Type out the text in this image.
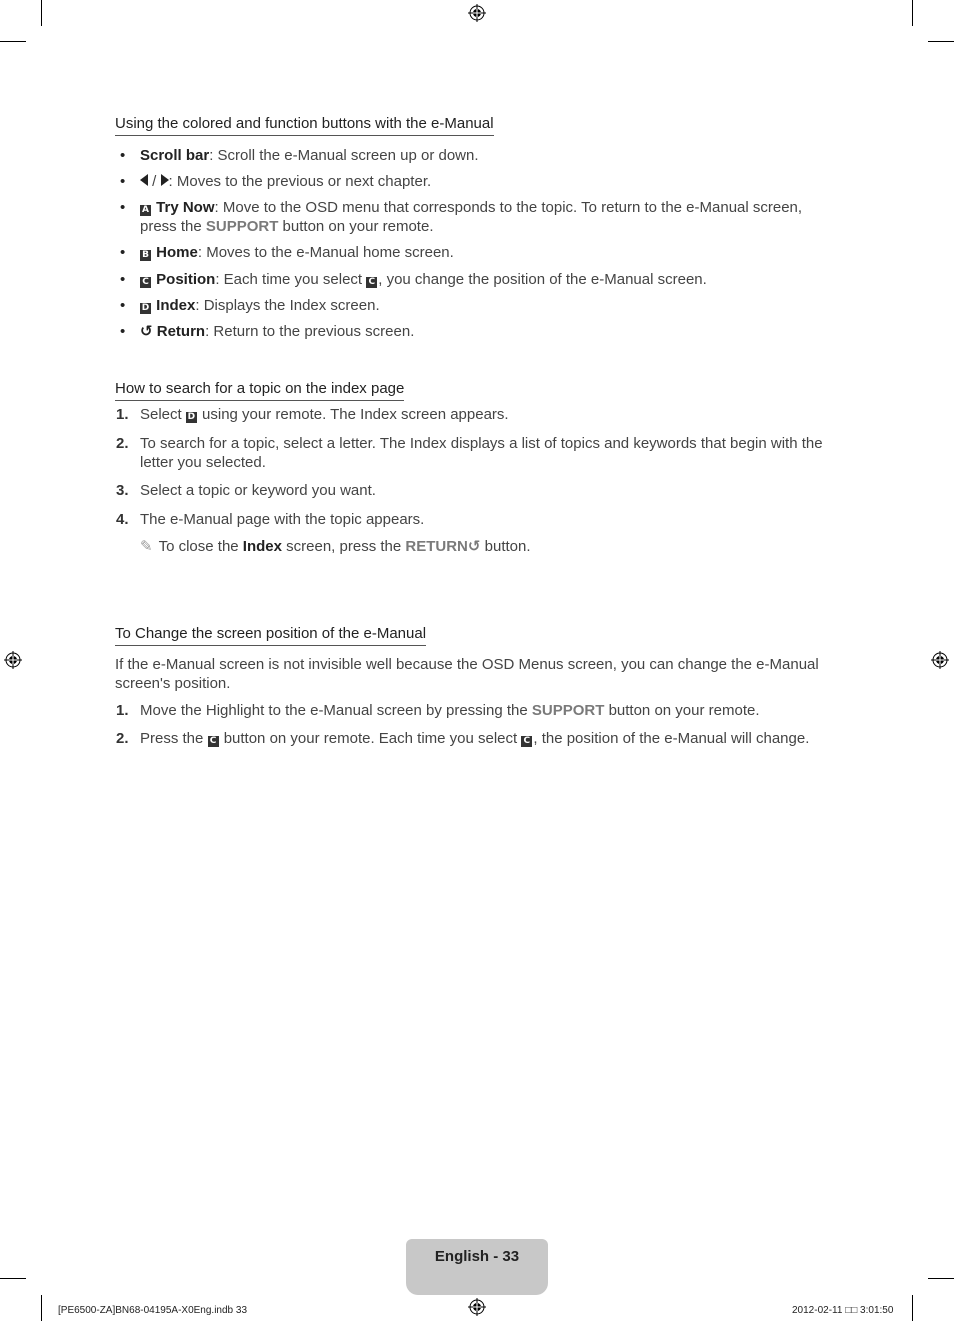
Using the colored and function buttons with the e-Manual
• Scroll bar: Scroll the e-Manual screen up or down.
•	/ : Moves to the previous or next chapter.
• A Try Now: Move to the OSD menu that corresponds to the topic. To return to the e-Manual screen,
press the SUPPORT button on your remote.
• B Home: Moves to the e-Manual home screen.
• C Position: Each time you select C , you change the position of the e-Manual screen.
• D Index: Displays the Index screen.
• ↺ Return: Return to the previous screen.
How to search for a topic on the index page
1. Select D using your remote. The Index screen appears.
2. To search for a topic, select a letter. The Index displays a list of topics and keywords that begin with the
letter you selected.
3. Select a topic or keyword you want.
4. The e-Manual page with the topic appears.
✎ To close the Index screen, press the RETURN↺ button.
To Change the screen position of the e-Manual
If the e-Manual screen is not invisible well because the OSD Menus screen, you can change the e-Manual
screen's position.
1. Move the Highlight to the e-Manual screen by pressing the SUPPORT button on your remote.
2. Press the C button on your remote. Each time you select C , the position of the e-Manual will change.
English - 33
[PE6500-ZA]BN68-04195A-X0Eng.indb 33	2012-02-11 □□ 3:01:50
